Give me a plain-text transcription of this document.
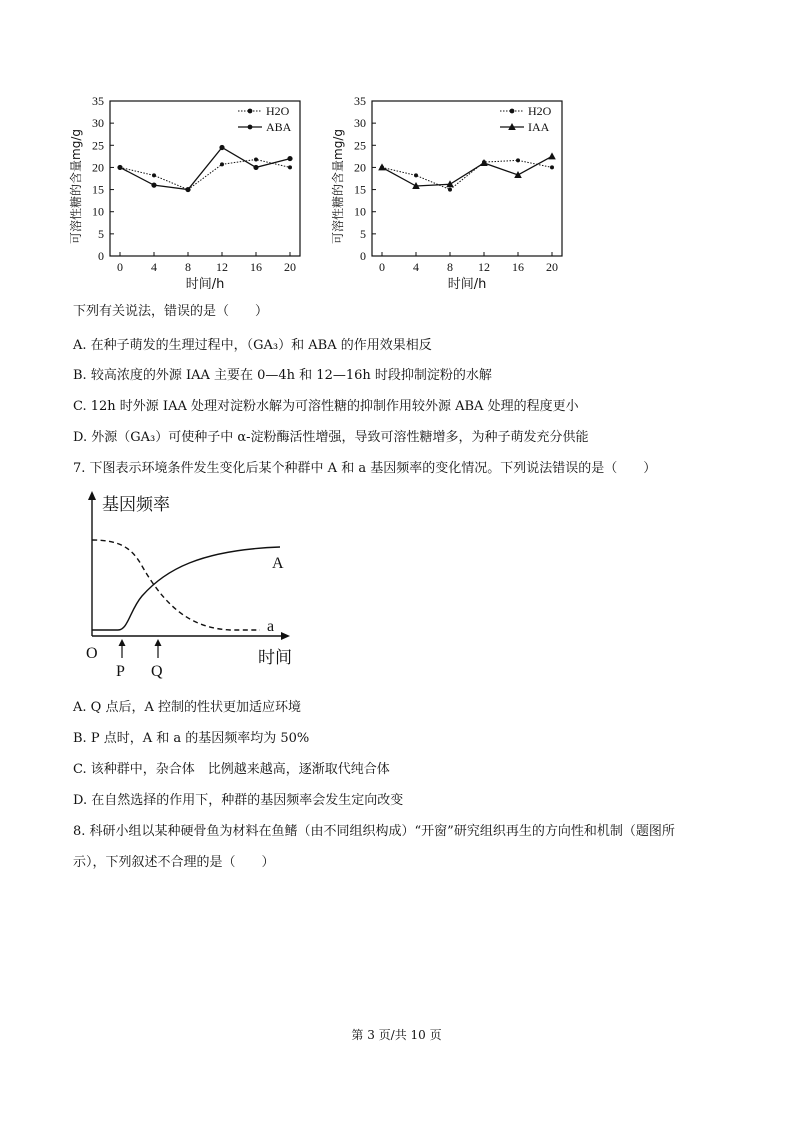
0
5
10
15
20
25
30
35
0 4 8 12 16 20
时间/h
可溶性糖的含量mg/g
H2O
ABA
0
5
10
15
20
25
30
35
0 4 8 12 16 20
时间/h
可溶性糖的含量mg/g
H2O
IAA
下列有关说法，错误的是（　　）
A. 在种子萌发的生理过程中，（GA₃）和 ABA 的作用效果相反
B. 较高浓度的外源 IAA 主要在 0—4h 和 12—16h 时段抑制淀粉的水解
C. 12h 时外源 IAA 处理对淀粉水解为可溶性糖的抑制作用较外源 ABA 处理的程度更小
D. 外源（GA₃）可使种子中 α-淀粉酶活性增强，导致可溶性糖增多，为种子萌发充分供能
7. 下图表示环境条件发生变化后某个种群中 A 和 a 基因频率的变化情况。下列说法错误的是（　　）
基因频率
时间
O
A
a
P Q
A. Q 点后，A 控制的性状更加适应环境
B. P 点时，A 和 a 的基因频率均为 50%
C. 该种群中，杂合体　比例越来越高，逐渐取代纯合体
D. 在自然选择的作用下，种群的基因频率会发生定向改变
8. 科研小组以某种硬骨鱼为材料在鱼鳍（由不同组织构成）“开窗”研究组织再生的方向性和机制（题图所
示），下列叙述不合理的是（　　）
第 3 页/共 10 页
